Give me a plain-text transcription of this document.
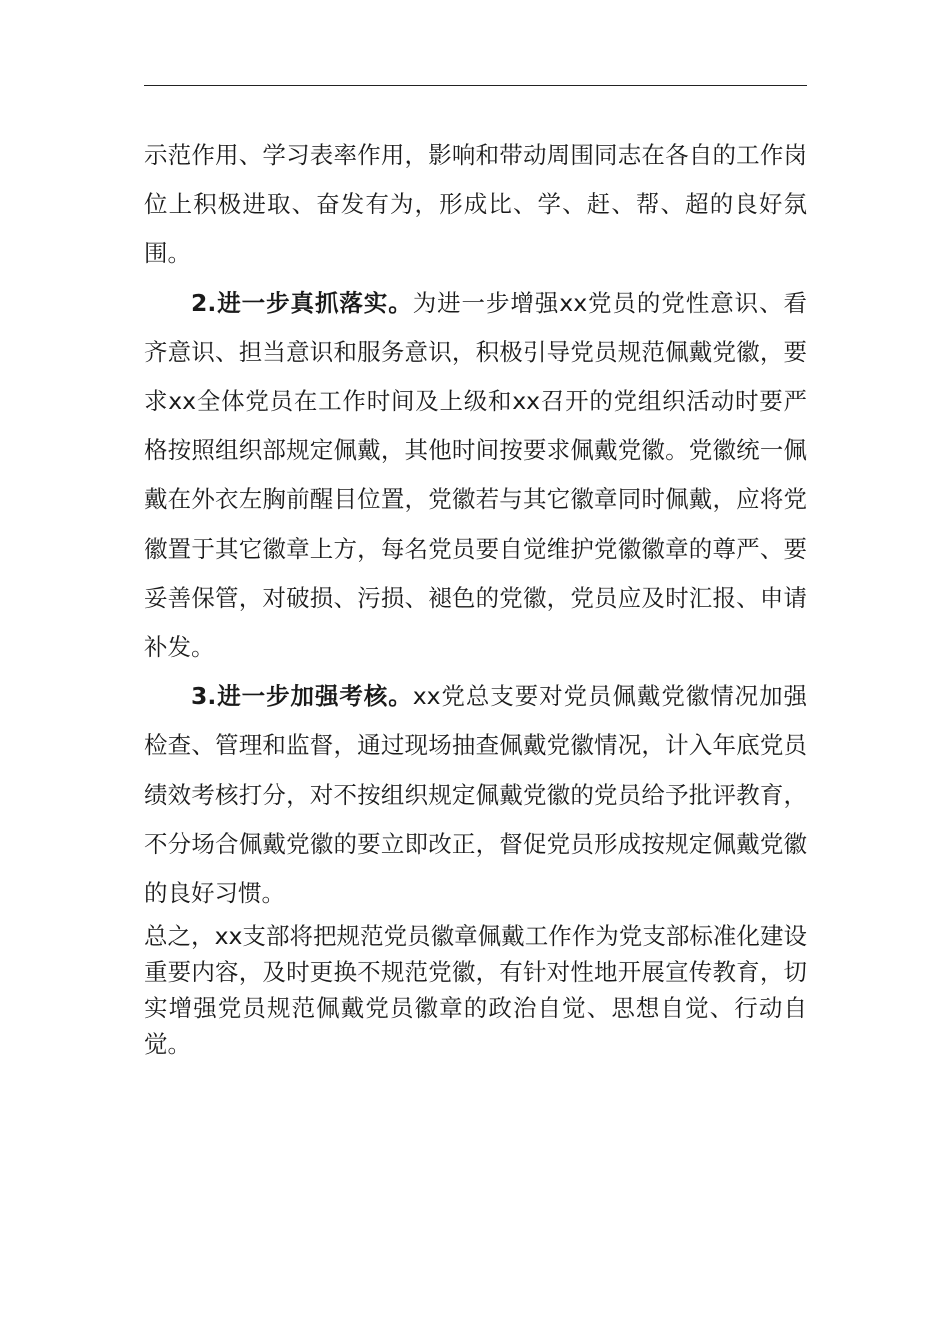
示范作用、学习表率作用，影响和带动周围同志在各自的工作岗位上积极进取、奋发有为，形成比、学、赶、帮、超的良好氛围。

2.进一步真抓落实。为进一步增强xx党员的党性意识、看齐意识、担当意识和服务意识，积极引导党员规范佩戴党徽，要求xx全体党员在工作时间及上级和xx召开的党组织活动时要严格按照组织部规定佩戴，其他时间按要求佩戴党徽。党徽统一佩戴在外衣左胸前醒目位置，党徽若与其它徽章同时佩戴，应将党徽置于其它徽章上方，每名党员要自觉维护党徽徽章的尊严、要妥善保管，对破损、污损、褪色的党徽，党员应及时汇报、申请补发。

3.进一步加强考核。xx党总支要对党员佩戴党徽情况加强检查、管理和监督，通过现场抽查佩戴党徽情况，计入年底党员绩效考核打分，对不按组织规定佩戴党徽的党员给予批评教育，不分场合佩戴党徽的要立即改正，督促党员形成按规定佩戴党徽的良好习惯。

总之，xx支部将把规范党员徽章佩戴工作作为党支部标准化建设重要内容，及时更换不规范党徽，有针对性地开展宣传教育，切实增强党员规范佩戴党员徽章的政治自觉、思想自觉、行动自觉。
